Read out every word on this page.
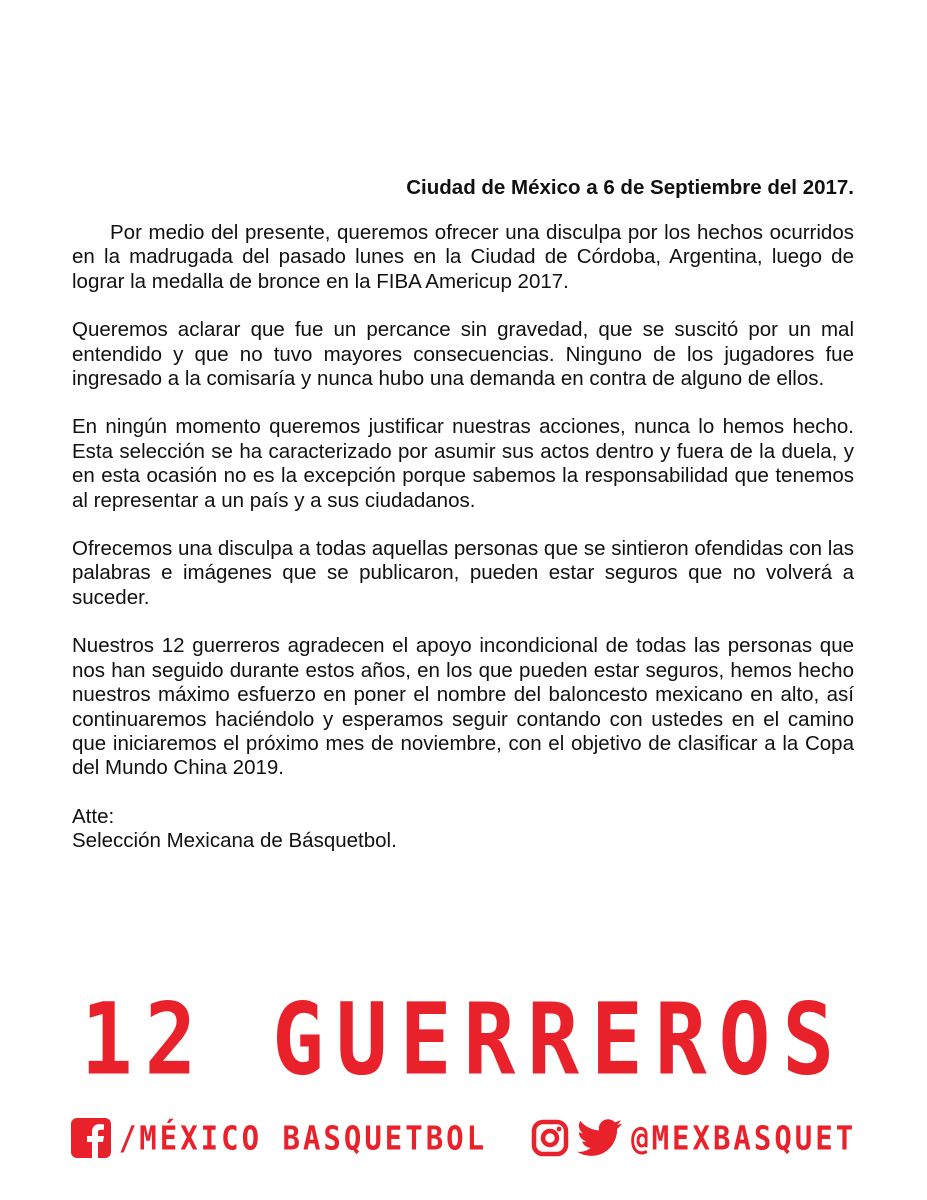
Ciudad de México a 6 de Septiembre del 2017.

Por medio del presente, queremos ofrecer una disculpa por los hechos ocurridos en la madrugada del pasado lunes en la Ciudad de Córdoba, Argentina, luego de lograr la medalla de bronce en la FIBA Americup 2017.

Queremos aclarar que fue un percance sin gravedad, que se suscitó por un mal entendido y que no tuvo mayores consecuencias. Ninguno de los jugadores fue ingresado a la comisaría y nunca hubo una demanda en contra de alguno de ellos.

En ningún momento queremos justificar nuestras acciones, nunca lo hemos hecho. Esta selección se ha caracterizado por asumir sus actos dentro y fuera de la duela, y en esta ocasión no es la excepción porque sabemos la responsabilidad que tenemos al representar a un país y a sus ciudadanos.

Ofrecemos una disculpa a todas aquellas personas que se sintieron ofendidas con las palabras e imágenes que se publicaron, pueden estar seguros que no volverá a suceder.

Nuestros 12 guerreros agradecen el apoyo incondicional de todas las personas que nos han seguido durante estos años, en los que pueden estar seguros, hemos hecho nuestros máximo esfuerzo en poner el nombre del baloncesto mexicano en alto, así continuaremos haciéndolo y esperamos seguir contando con ustedes en el camino que iniciaremos el próximo mes de noviembre, con el objetivo de clasificar a la Copa del Mundo China 2019.

Atte:

Selección Mexicana de Básquetbol.

12 GUERREROS
/MÉXICO BASQUETBOL	@MEXBASQUET
